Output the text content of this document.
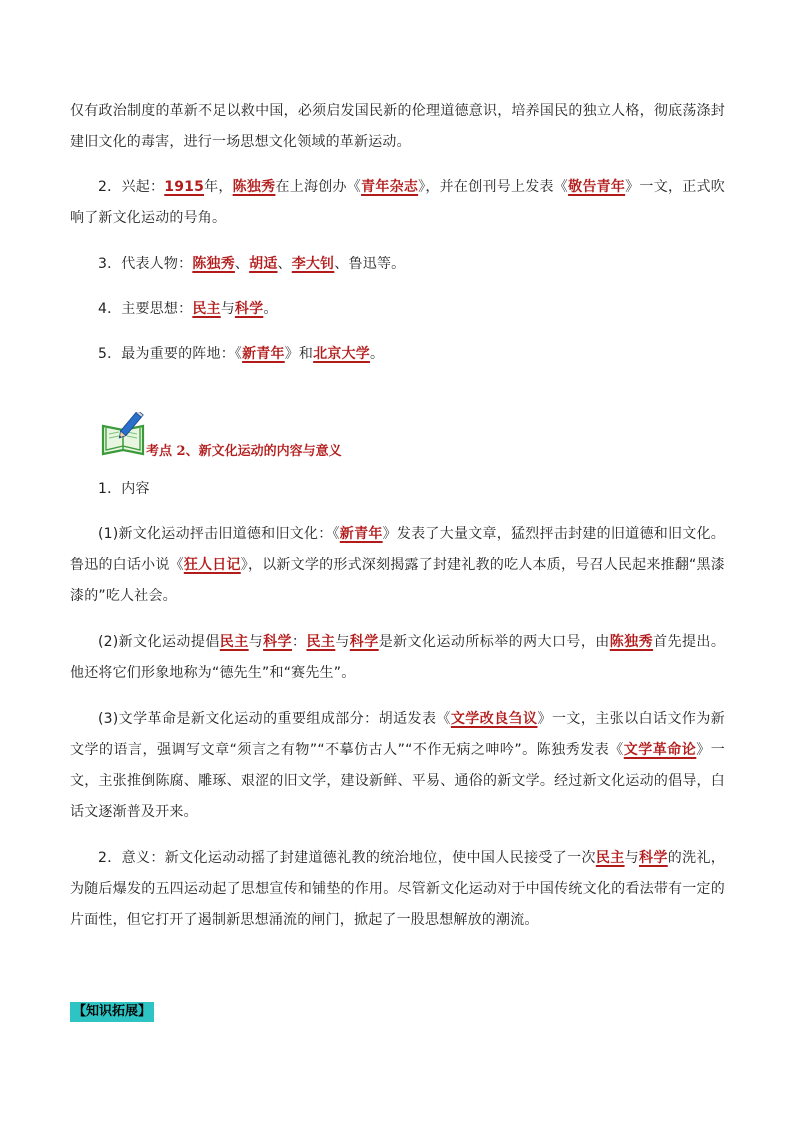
仅有政治制度的革新不足以救中国，必须启发国民新的伦理道德意识，培养国民的独立人格，彻底荡涤封建旧文化的毒害，进行一场思想文化领域的革新运动。
2．兴起：1915年，陈独秀在上海创办《青年杂志》，并在创刊号上发表《敬告青年》一文，正式吹响了新文化运动的号角。
3．代表人物：陈独秀、胡适、李大钊、鲁迅等。
4．主要思想：民主与科学。
5．最为重要的阵地：《新青年》和北京大学。
考点 2、新文化运动的内容与意义
1．内容
(1)新文化运动抨击旧道德和旧文化：《新青年》发表了大量文章，猛烈抨击封建的旧道德和旧文化。鲁迅的白话小说《狂人日记》，以新文学的形式深刻揭露了封建礼教的吃人本质，号召人民起来推翻“黑漆漆的”吃人社会。
(2)新文化运动提倡民主与科学：民主与科学是新文化运动所标举的两大口号，由陈独秀首先提出。他还将它们形象地称为“德先生”和“赛先生”。
(3)文学革命是新文化运动的重要组成部分：胡适发表《文学改良刍议》一文，主张以白话文作为新文学的语言，强调写文章“须言之有物”“不摹仿古人”“不作无病之呻吟”。陈独秀发表《文学革命论》一文，主张推倒陈腐、雕琢、艰涩的旧文学，建设新鲜、平易、通俗的新文学。经过新文化运动的倡导，白话文逐渐普及开来。
2．意义：新文化运动动摇了封建道德礼教的统治地位，使中国人民接受了一次民主与科学的洗礼，为随后爆发的五四运动起了思想宣传和铺垫的作用。尽管新文化运动对于中国传统文化的看法带有一定的片面性，但它打开了遏制新思想涌流的闸门，掀起了一股思想解放的潮流。
【知识拓展】
